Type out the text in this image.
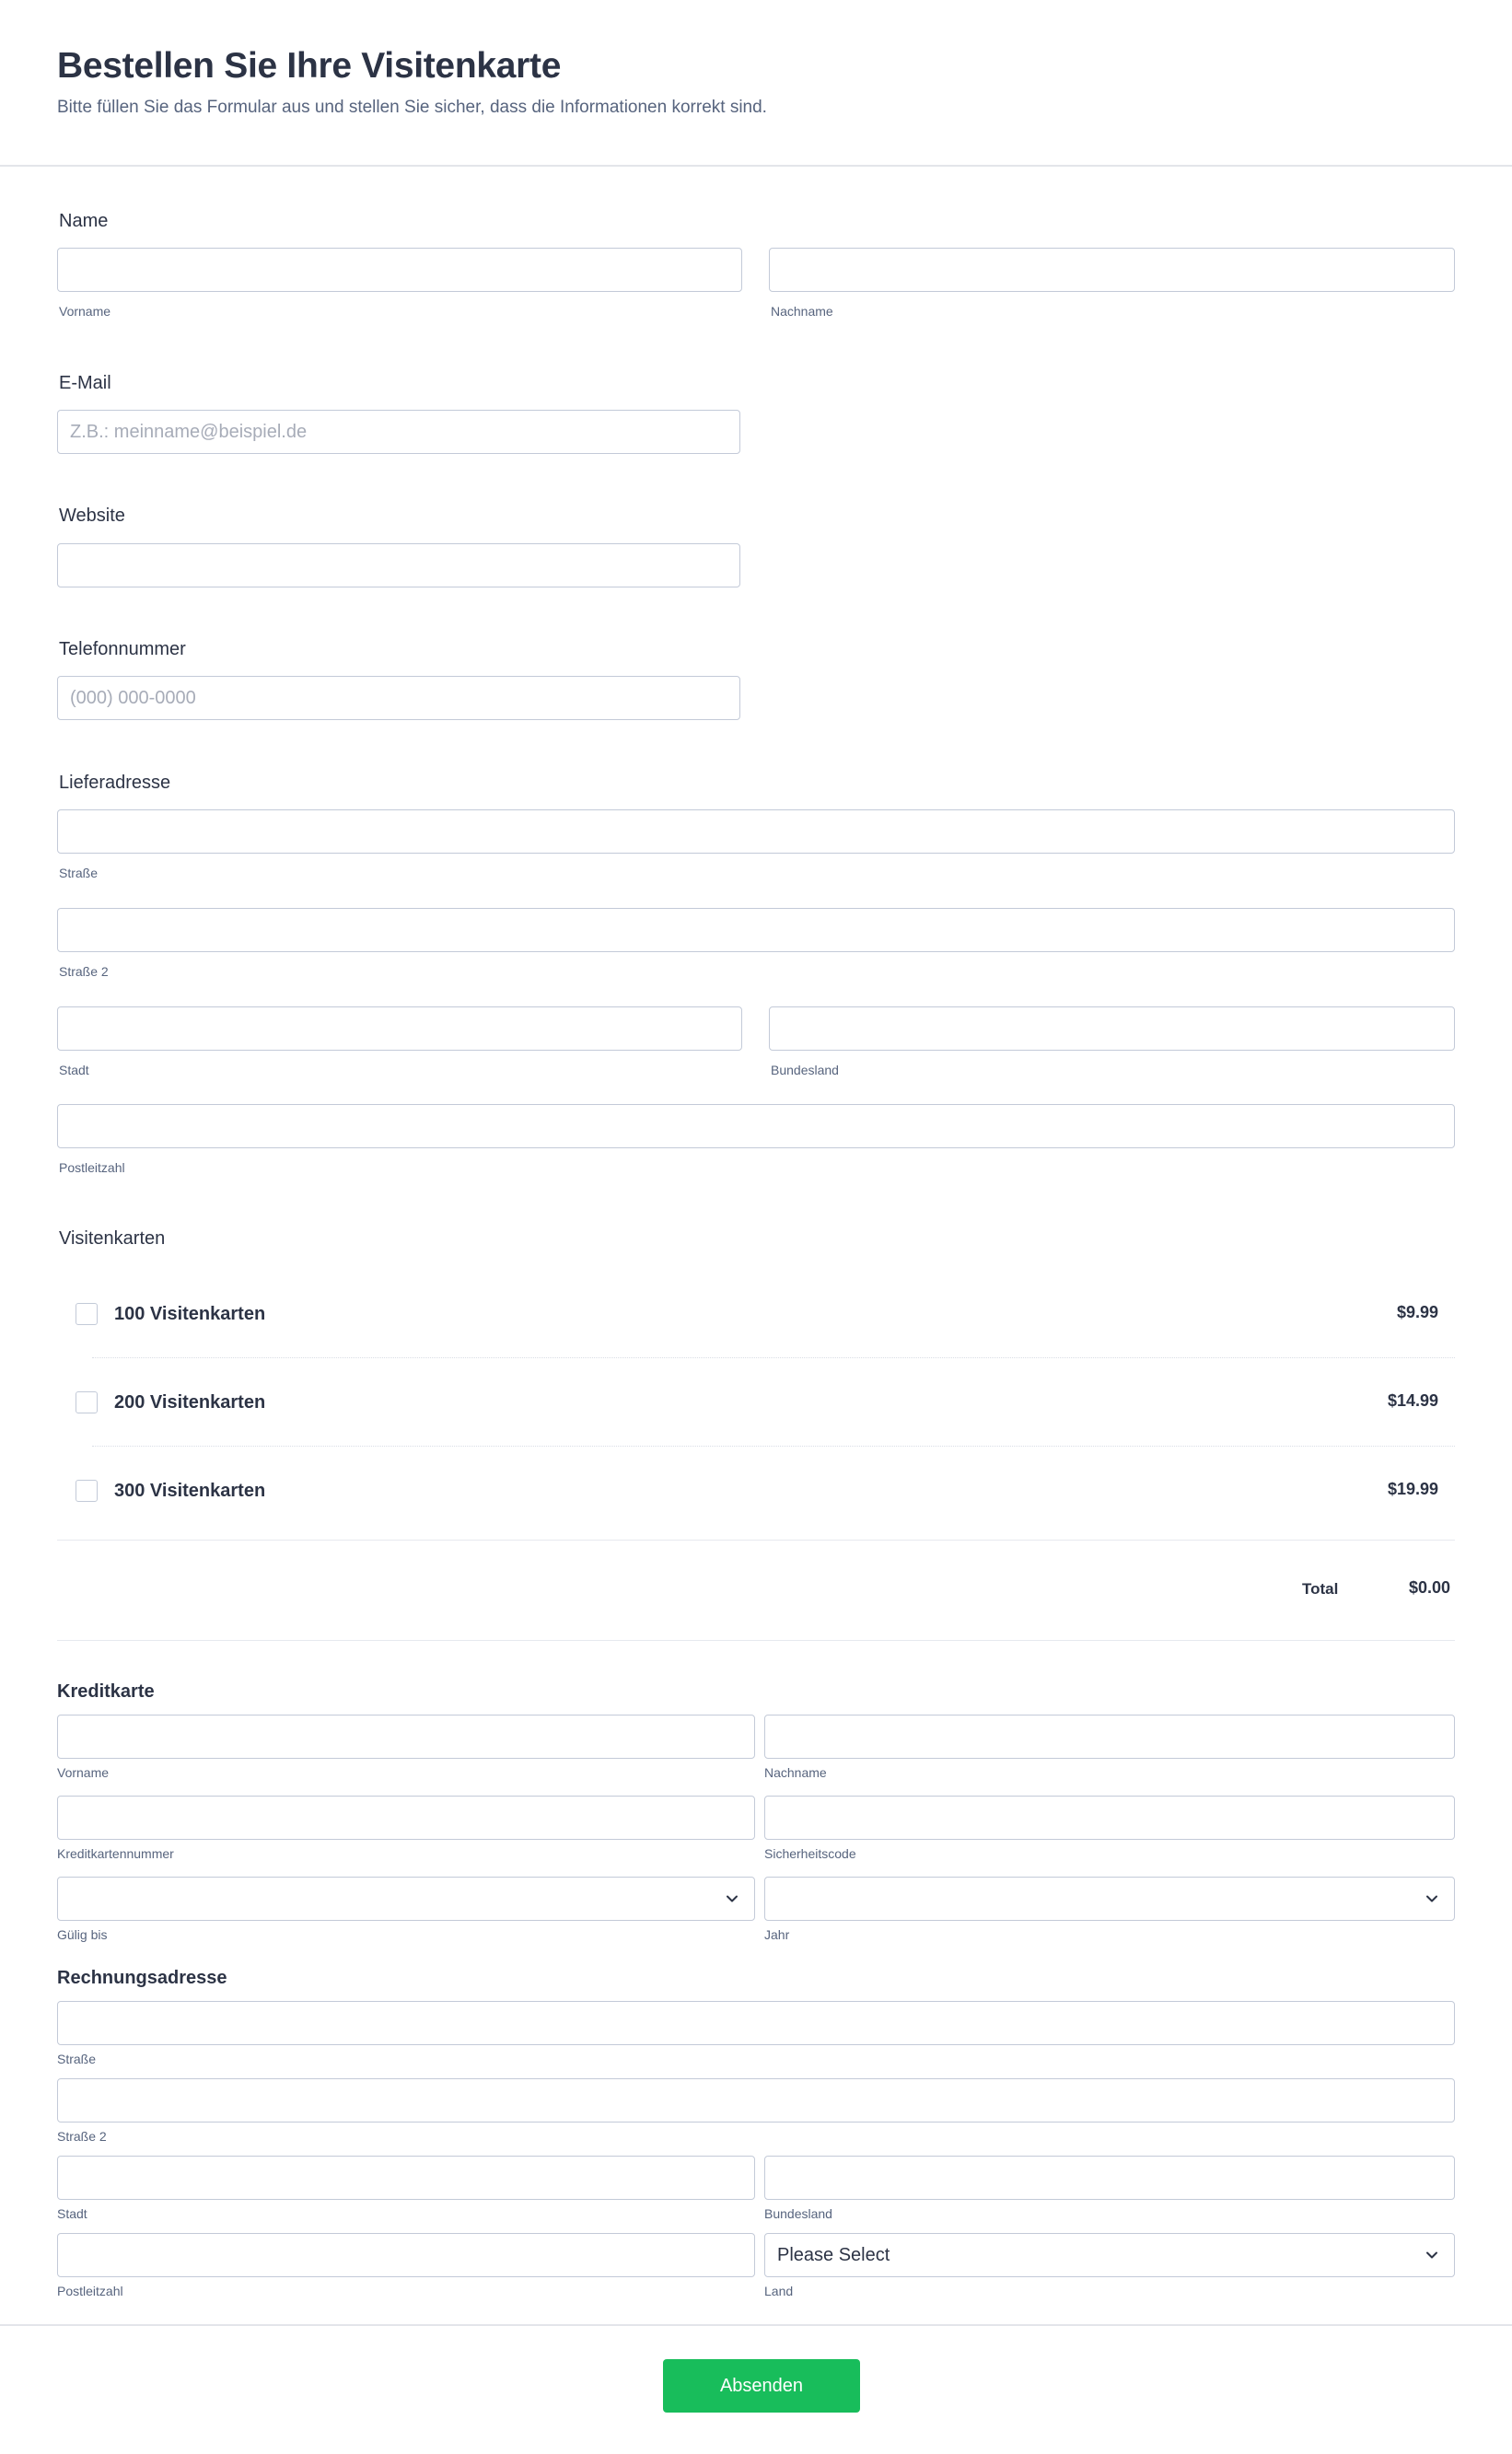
Bestellen Sie Ihre Visitenkarte
Bitte füllen Sie das Formular aus und stellen Sie sicher, dass die Informationen korrekt sind.
Name
Vorname	Nachname
E-Mail
Z.B.: meinname@beispiel.de
Website
Telefonnummer
(000) 000-0000
Lieferadresse
Straße
Straße 2
Stadt	Bundesland
Postleitzahl
Visitenkarten
100 Visitenkarten	$9.99
200 Visitenkarten	$14.99
300 Visitenkarten	$19.99
Total	$0.00
Kreditkarte
Vorname	Nachname
Kreditkartennummer	Sicherheitscode
Gülig bis	Jahr
Rechnungsadresse
Straße
Straße 2
Stadt	Bundesland
Please Select
Postleitzahl	Land
Absenden
